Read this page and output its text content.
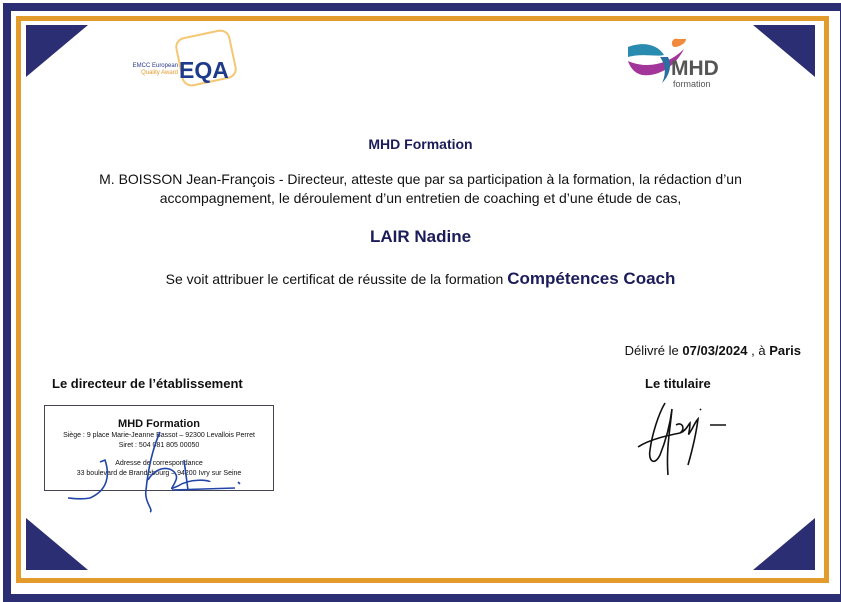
EMCC European
Quality Award EQA	MHD
formation
MHD Formation
M. BOISSON Jean-François - Directeur, atteste que par sa participation à la formation, la rédaction d’un
accompagnement, le déroulement d’un entretien de coaching et d’une étude de cas,
LAIR Nadine
Se voit attribuer le certificat de réussite de la formation Compétences Coach
Délivré le 07/03/2024 , à Paris
Le directeur de l’établissement	Le titulaire
MHD Formation
Siège : 9 place Marie-Jeanne Bassot – 92300 Levallois Perret
Siret : 504 081 805 00050
Adresse de correspondance
33 boulevard de Brandebourg – 94200 Ivry sur Seine
